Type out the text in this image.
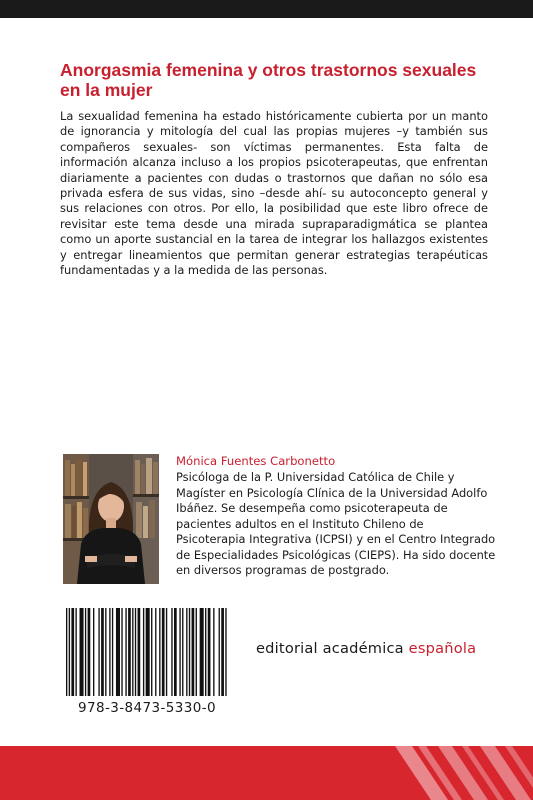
Anorgasmia femenina y otros trastornos sexuales en la mujer

La sexualidad femenina ha estado históricamente cubierta por un manto de ignorancia y mitología del cual las propias mujeres –y también sus compañeros sexuales- son víctimas permanentes. Esta falta de información alcanza incluso a los propios psicoterapeutas, que enfrentan diariamente a pacientes con dudas o trastornos que dañan no sólo esa privada esfera de sus vidas, sino –desde ahí- su autoconcepto general y sus relaciones con otros. Por ello, la posibilidad que este libro ofrece de revisitar este tema desde una mirada supraparadigmática se plantea como un aporte sustancial en la tarea de integrar los hallazgos existentes y entregar lineamientos que permitan generar estrategias terapéuticas fundamentadas y a la medida de las personas.

Mónica Fuentes Carbonetto

Psicóloga de la P. Universidad Católica de Chile y Magíster en Psicología Clínica de la Universidad Adolfo Ibáñez. Se desempeña como psicoterapeuta de pacientes adultos en el Instituto Chileno de Psicoterapia Integrativa (ICPSI) y en el Centro Integrado de Especialidades Psicológicas (CIEPS). Ha sido docente en diversos programas de postgrado.

978-3-8473-5330-0
editorial académica española
